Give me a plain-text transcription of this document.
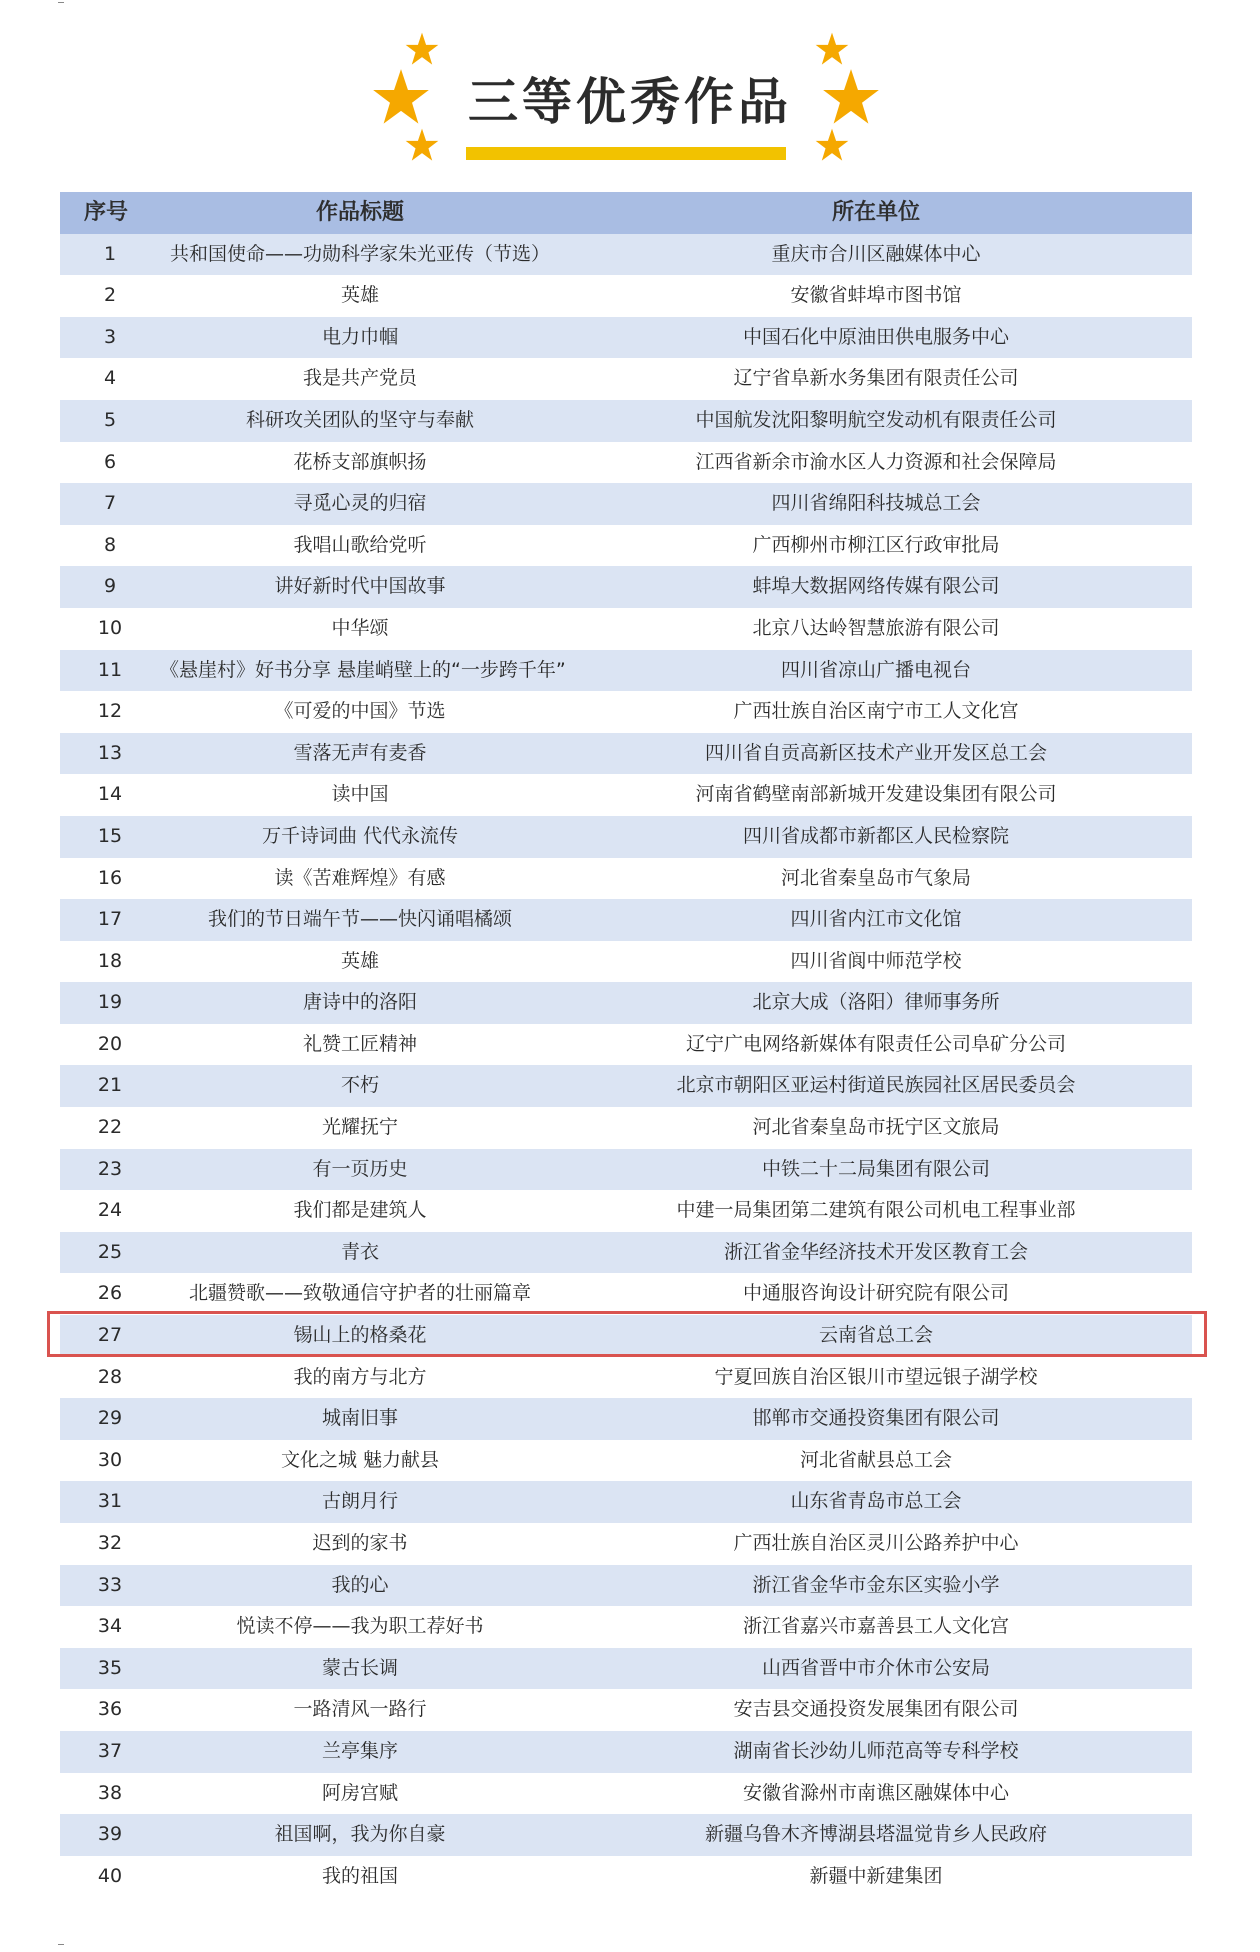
三等优秀作品
序号	作品标题	所在单位
1	共和国使命——功勋科学家朱光亚传（节选）	重庆市合川区融媒体中心
2	英雄	安徽省蚌埠市图书馆
3	电力巾帼	中国石化中原油田供电服务中心
4	我是共产党员	辽宁省阜新水务集团有限责任公司
5	科研攻关团队的坚守与奉献	中国航发沈阳黎明航空发动机有限责任公司
6	花桥支部旗帜扬	江西省新余市渝水区人力资源和社会保障局
7	寻觅心灵的归宿	四川省绵阳科技城总工会
8	我唱山歌给党听	广西柳州市柳江区行政审批局
9	讲好新时代中国故事	蚌埠大数据网络传媒有限公司
10	中华颂	北京八达岭智慧旅游有限公司
11	《悬崖村》好书分享 悬崖峭壁上的“一步跨千年”	四川省凉山广播电视台
12	《可爱的中国》节选	广西壮族自治区南宁市工人文化宫
13	雪落无声有麦香	四川省自贡高新区技术产业开发区总工会
14	读中国	河南省鹤壁南部新城开发建设集团有限公司
15	万千诗词曲 代代永流传	四川省成都市新都区人民检察院
16	读《苦难辉煌》有感	河北省秦皇岛市气象局
17	我们的节日端午节——快闪诵唱橘颂	四川省内江市文化馆
18	英雄	四川省阆中师范学校
19	唐诗中的洛阳	北京大成（洛阳）律师事务所
20	礼赞工匠精神	辽宁广电网络新媒体有限责任公司阜矿分公司
21	不朽	北京市朝阳区亚运村街道民族园社区居民委员会
22	光耀抚宁	河北省秦皇岛市抚宁区文旅局
23	有一页历史	中铁二十二局集团有限公司
24	我们都是建筑人	中建一局集团第二建筑有限公司机电工程事业部
25	青衣	浙江省金华经济技术开发区教育工会
26	北疆赞歌——致敬通信守护者的壮丽篇章	中通服咨询设计研究院有限公司
27	锡山上的格桑花	云南省总工会
28	我的南方与北方	宁夏回族自治区银川市望远银子湖学校
29	城南旧事	邯郸市交通投资集团有限公司
30	文化之城 魅力献县	河北省献县总工会
31	古朗月行	山东省青岛市总工会
32	迟到的家书	广西壮族自治区灵川公路养护中心
33	我的心	浙江省金华市金东区实验小学
34	悦读不停——我为职工荐好书	浙江省嘉兴市嘉善县工人文化宫
35	蒙古长调	山西省晋中市介休市公安局
36	一路清风一路行	安吉县交通投资发展集团有限公司
37	兰亭集序	湖南省长沙幼儿师范高等专科学校
38	阿房宫赋	安徽省滁州市南谯区融媒体中心
39	祖国啊，我为你自豪	新疆乌鲁木齐博湖县塔温觉肯乡人民政府
40	我的祖国	新疆中新建集团
